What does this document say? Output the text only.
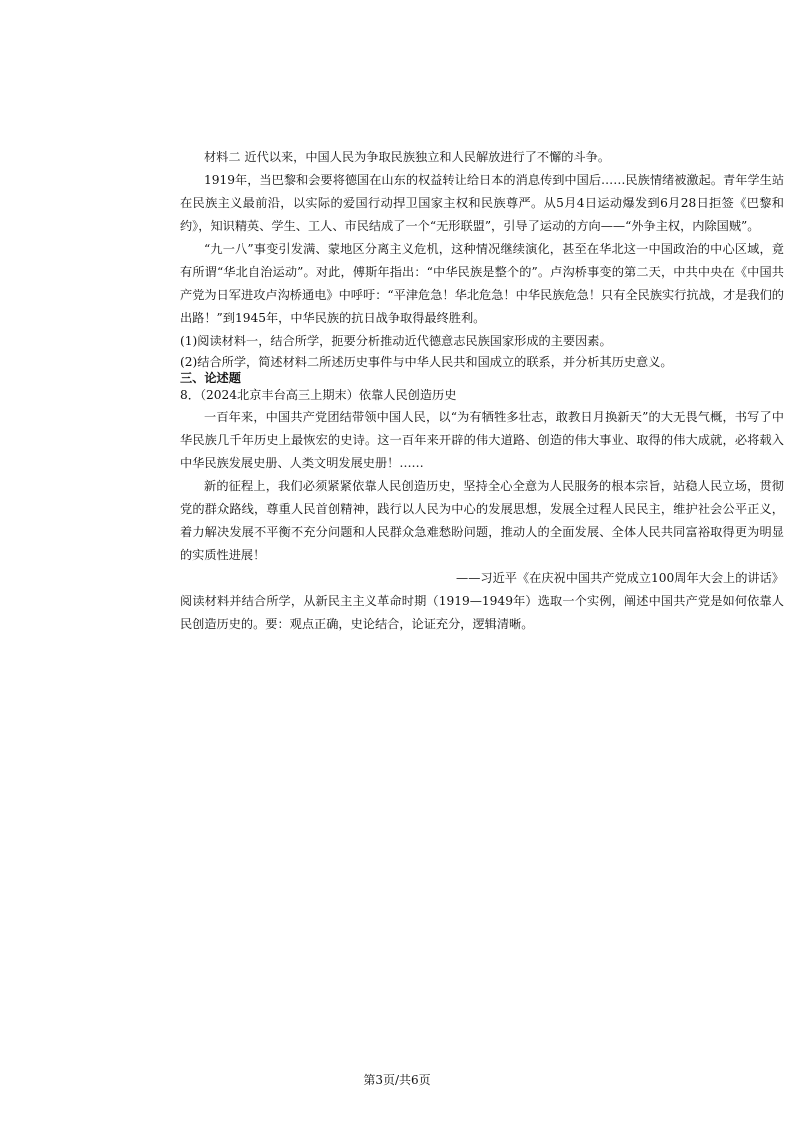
材料二 近代以来，中国人民为争取民族独立和人民解放进行了不懈的斗争。

1919年，当巴黎和会要将德国在山东的权益转让给日本的消息传到中国后……民族情绪被激起。青年学生站在民族主义最前沿，以实际的爱国行动捍卫国家主权和民族尊严。从5月4日运动爆发到6月28日拒签《巴黎和约》，知识精英、学生、工人、市民结成了一个“无形联盟”，引导了运动的方向——“外争主权，内除国贼”。

“九一八”事变引发满、蒙地区分离主义危机，这种情况继续演化，甚至在华北这一中国政治的中心区域，竟有所谓“华北自治运动”。对此，傅斯年指出：“中华民族是整个的”。卢沟桥事变的第二天，中共中央在《中国共产党为日军进攻卢沟桥通电》中呼吁：“平津危急！华北危急！中华民族危急！只有全民族实行抗战，才是我们的出路！”到1945年，中华民族的抗日战争取得最终胜利。

(1)阅读材料一，结合所学，扼要分析推动近代德意志民族国家形成的主要因素。

(2)结合所学，简述材料二所述历史事件与中华人民共和国成立的联系，并分析其历史意义。

三、论述题

8．（2024北京丰台高三上期末）依靠人民创造历史

一百年来，中国共产党团结带领中国人民，以“为有牺牲多壮志，敢教日月换新天”的大无畏气概，书写了中华民族几千年历史上最恢宏的史诗。这一百年来开辟的伟大道路、创造的伟大事业、取得的伟大成就，必将载入中华民族发展史册、人类文明发展史册！……

新的征程上，我们必须紧紧依靠人民创造历史，坚持全心全意为人民服务的根本宗旨，站稳人民立场，贯彻党的群众路线，尊重人民首创精神，践行以人民为中心的发展思想，发展全过程人民民主，维护社会公平正义，着力解决发展不平衡不充分问题和人民群众急难愁盼问题，推动人的全面发展、全体人民共同富裕取得更为明显的实质性进展！

——习近平《在庆祝中国共产党成立100周年大会上的讲话》

阅读材料并结合所学，从新民主主义革命时期（1919—1949年）选取一个实例，阐述中国共产党是如何依靠人民创造历史的。要：观点正确，史论结合，论证充分，逻辑清晰。

第3页/共6页
